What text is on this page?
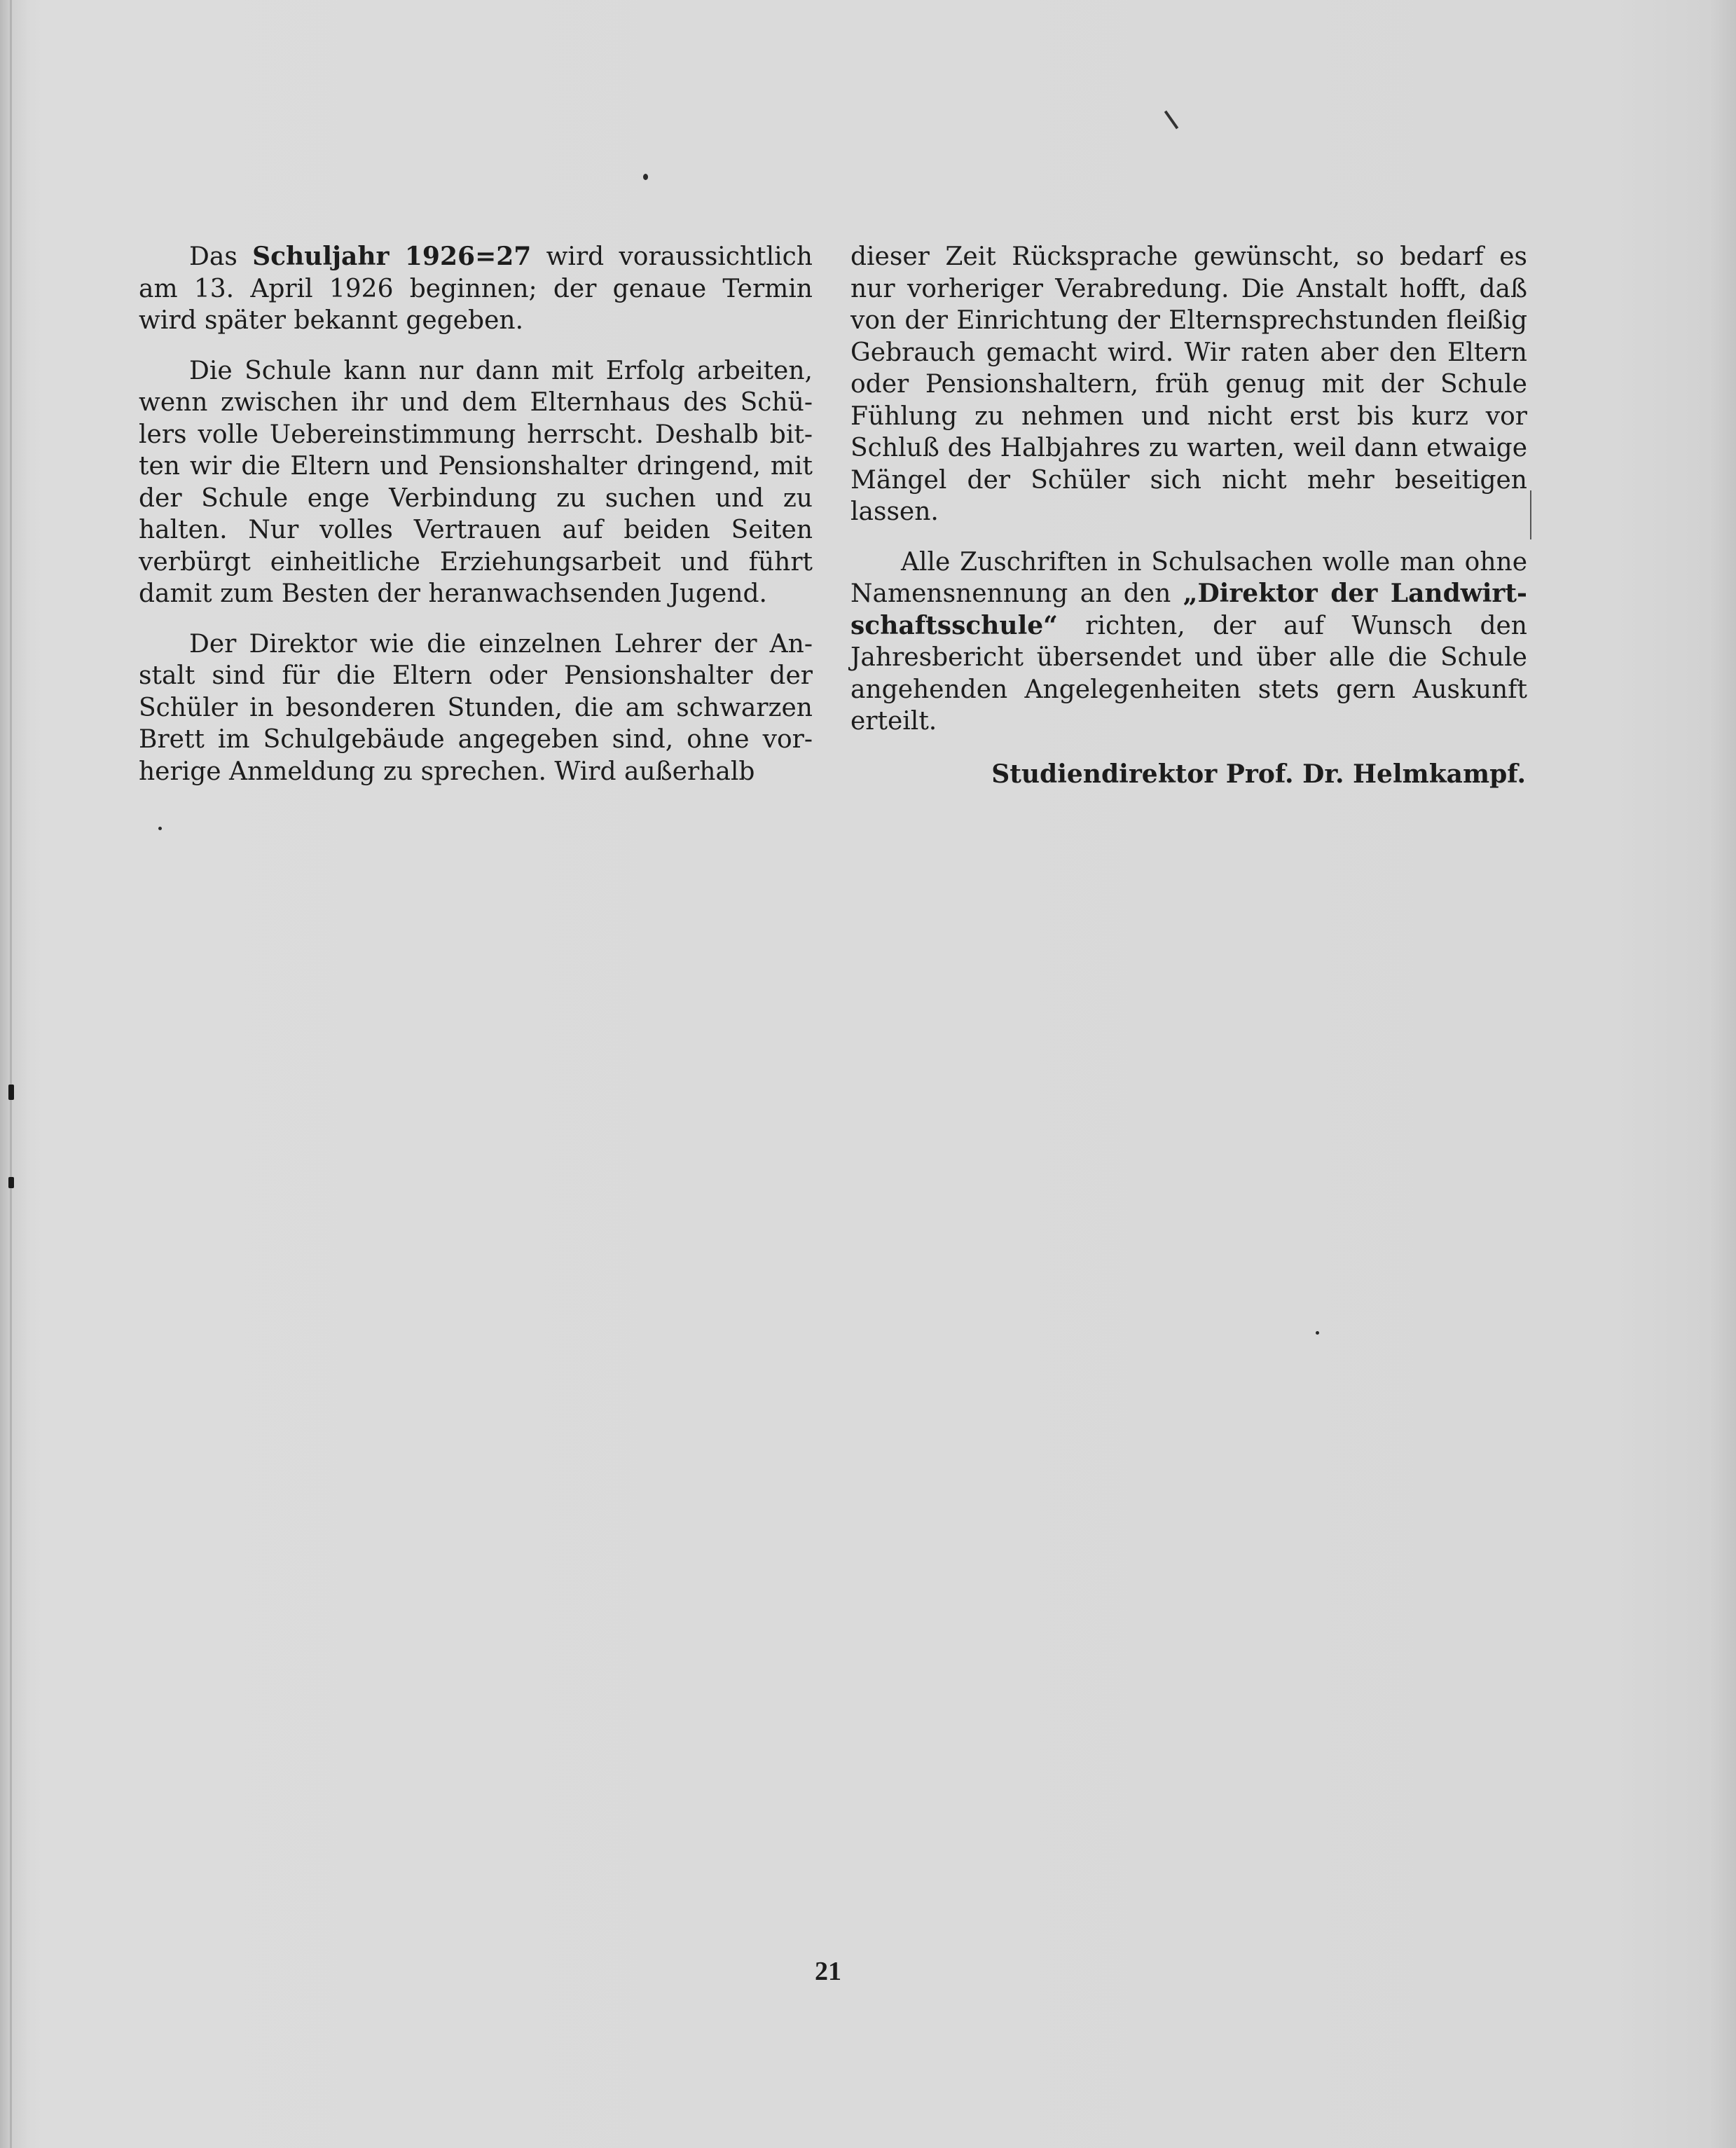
Das Schuljahr 1926=27 wird voraussichtlich am 13. April 1926 beginnen; der genaue Termin wird später bekannt gegeben.

Die Schule kann nur dann mit Erfolg arbeiten, wenn zwischen ihr und dem Elternhaus des Schülers volle Uebereinstimmung herrscht. Deshalb bitten wir die Eltern und Pensionshalter dringend, mit der Schule enge Verbindung zu suchen und zu halten. Nur volles Vertrauen auf beiden Seiten verbürgt einheitliche Erziehungsarbeit und führt damit zum Besten der heranwachsenden Jugend.

Der Direktor wie die einzelnen Lehrer der Anstalt sind für die Eltern oder Pensionshalter der Schüler in besonderen Stunden, die am schwarzen Brett im Schulgebäude angegeben sind, ohne vorherige Anmeldung zu sprechen. Wird außerhalb

dieser Zeit Rücksprache gewünscht, so bedarf es nur vorheriger Verabredung. Die Anstalt hofft, daß von der Einrichtung der Elternsprechstunden fleißig Gebrauch gemacht wird. Wir raten aber den Eltern oder Pensionshaltern, früh genug mit der Schule Fühlung zu nehmen und nicht erst bis kurz vor Schluß des Halbjahres zu warten, weil dann etwaige Mängel der Schüler sich nicht mehr beseitigen lassen.

Alle Zuschriften in Schulsachen wolle man ohne Namensnennung an den „Direktor der Landwirtschaftsschule“ richten, der auf Wunsch den Jahresbericht übersendet und über alle die Schule angehenden Angelegenheiten stets gern Auskunft erteilt.

Studiendirektor Prof. Dr. Helmkampf.
21
